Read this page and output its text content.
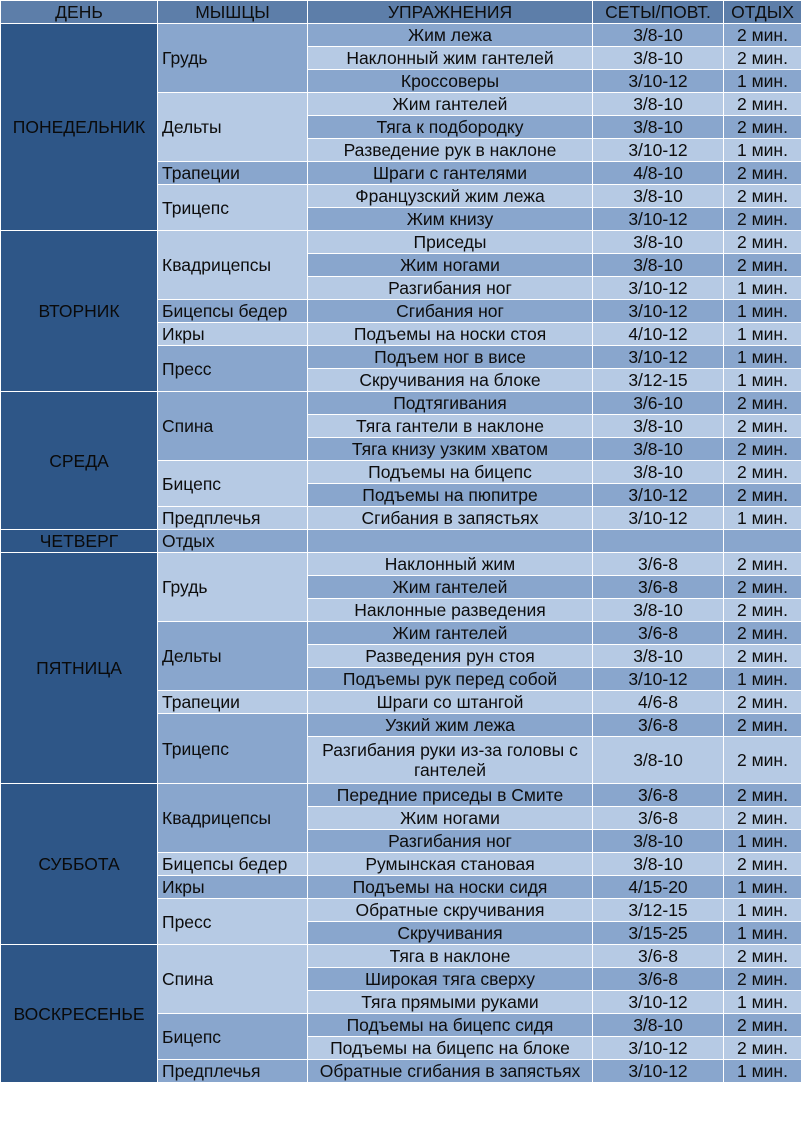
ДЕНЬ	МЫШЦЫ	УПРАЖНЕНИЯ	СЕТЫ/ПОВТ.	ОТДЫХ
ПОНЕДЕЛЬНИК	Грудь	Жим лежа	3/8-10	2 мин.
		Наклонный жим гантелей	3/8-10	2 мин.
		Кроссоверы	3/10-12	1 мин.
	Дельты	Жим гантелей	3/8-10	2 мин.
		Тяга к подбородку	3/8-10	2 мин.
		Разведение рук в наклоне	3/10-12	1 мин.
	Трапеции	Шраги с гантелями	4/8-10	2 мин.
	Трицепс	Французский жим лежа	3/8-10	2 мин.
		Жим книзу	3/10-12	2 мин.
ВТОРНИК	Квадрицепсы	Приседы	3/8-10	2 мин.
		Жим ногами	3/8-10	2 мин.
		Разгибания ног	3/10-12	1 мин.
	Бицепсы бедер	Сгибания ног	3/10-12	1 мин.
	Икры	Подъемы на носки стоя	4/10-12	1 мин.
	Пресс	Подъем ног в висе	3/10-12	1 мин.
		Скручивания на блоке	3/12-15	1 мин.
СРЕДА	Спина	Подтягивания	3/6-10	2 мин.
		Тяга гантели в наклоне	3/8-10	2 мин.
		Тяга книзу узким хватом	3/8-10	2 мин.
	Бицепс	Подъемы на бицепс	3/8-10	2 мин.
		Подъемы на пюпитре	3/10-12	2 мин.
	Предплечья	Сгибания в запястьях	3/10-12	1 мин.
ЧЕТВЕРГ	Отдых			
ПЯТНИЦА	Грудь	Наклонный жим	3/6-8	2 мин.
		Жим гантелей	3/6-8	2 мин.
		Наклонные разведения	3/8-10	2 мин.
	Дельты	Жим гантелей	3/6-8	2 мин.
		Разведения рун стоя	3/8-10	2 мин.
		Подъемы рук перед собой	3/10-12	1 мин.
	Трапеции	Шраги со штангой	4/6-8	2 мин.
	Трицепс	Узкий жим лежа	3/6-8	2 мин.
		Разгибания руки из-за головы с гантелей	3/8-10	2 мин.
СУББОТА	Квадрицепсы	Передние приседы в Смите	3/6-8	2 мин.
		Жим ногами	3/6-8	2 мин.
		Разгибания ног	3/8-10	1 мин.
	Бицепсы бедер	Румынская становая	3/8-10	2 мин.
	Икры	Подъемы на носки сидя	4/15-20	1 мин.
	Пресс	Обратные скручивания	3/12-15	1 мин.
		Скручивания	3/15-25	1 мин.
ВОСКРЕСЕНЬЕ	Спина	Тяга в наклоне	3/6-8	2 мин.
		Широкая тяга сверху	3/6-8	2 мин.
		Тяга прямыми руками	3/10-12	1 мин.
	Бицепс	Подъемы на бицепс сидя	3/8-10	2 мин.
		Подъемы на бицепс на блоке	3/10-12	2 мин.
	Предплечья	Обратные сгибания в запястьях	3/10-12	1 мин.
